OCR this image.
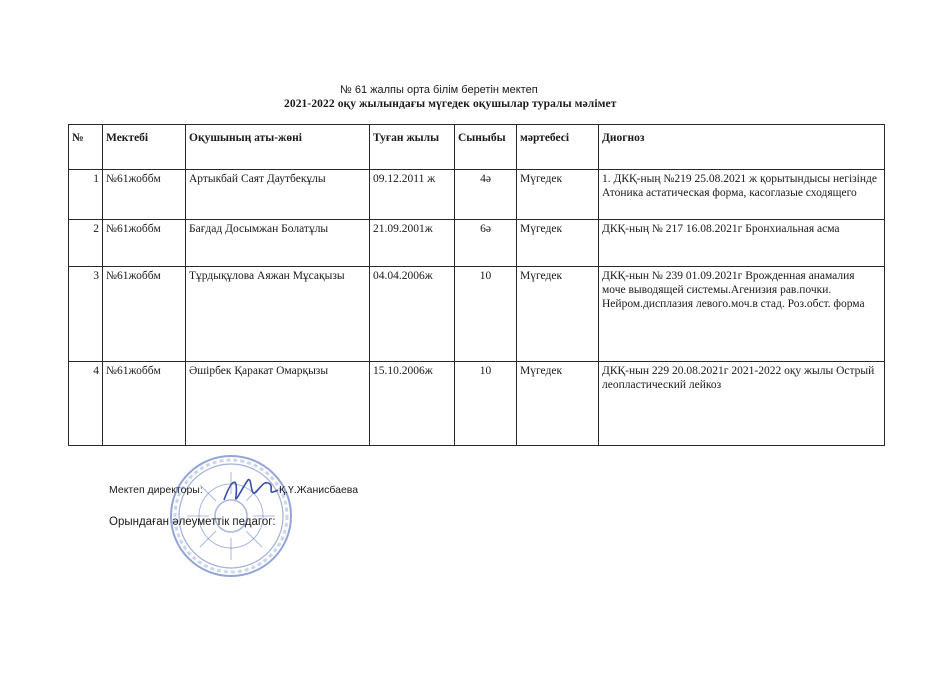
№ 61 жалпы орта білім беретін мектеп
2021-2022 оқу жылындағы мүгедек оқушылар туралы мәлімет
№	Мектебі	Оқушының аты-жөні	Туған жылы	Сыныбы	мәртебесі	Диогноз
1	№61жоббм	Артыкбай Саят Даутбекұлы	09.12.2011 ж	4ә	Мүгедек	1. ДКҚ-ның №219 25.08.2021 ж қорытындысы негізінде Атоника астатическая форма, касоглазые сходящего
2	№61жоббм	Бағдад Досымжан Болатұлы	21.09.2001ж	6ә	Мүгедек	ДКҚ-ның № 217 16.08.2021г Бронхиальная асма
3	№61жоббм	Тұрдықұлова Аяжан Мұсақызы	04.04.2006ж	10	Мүгедек	ДКҚ-нын № 239 01.09.2021г Врожденная анамалия моче выводящей системы.Агенизия рав.почки. Нейром.дисплазия левого.моч.в стад. Роз.обст. форма
4	№61жоббм	Әшірбек Қаракат Омарқызы	15.10.2006ж	10	Мүгедек	ДКҚ-нын 229 20.08.2021г 2021-2022 оқу жылы Острый леопластический лейкоз
Мектеп директоры:	Қ.Ү.Жанисбаева
Орындаған әлеуметтік педагог:
